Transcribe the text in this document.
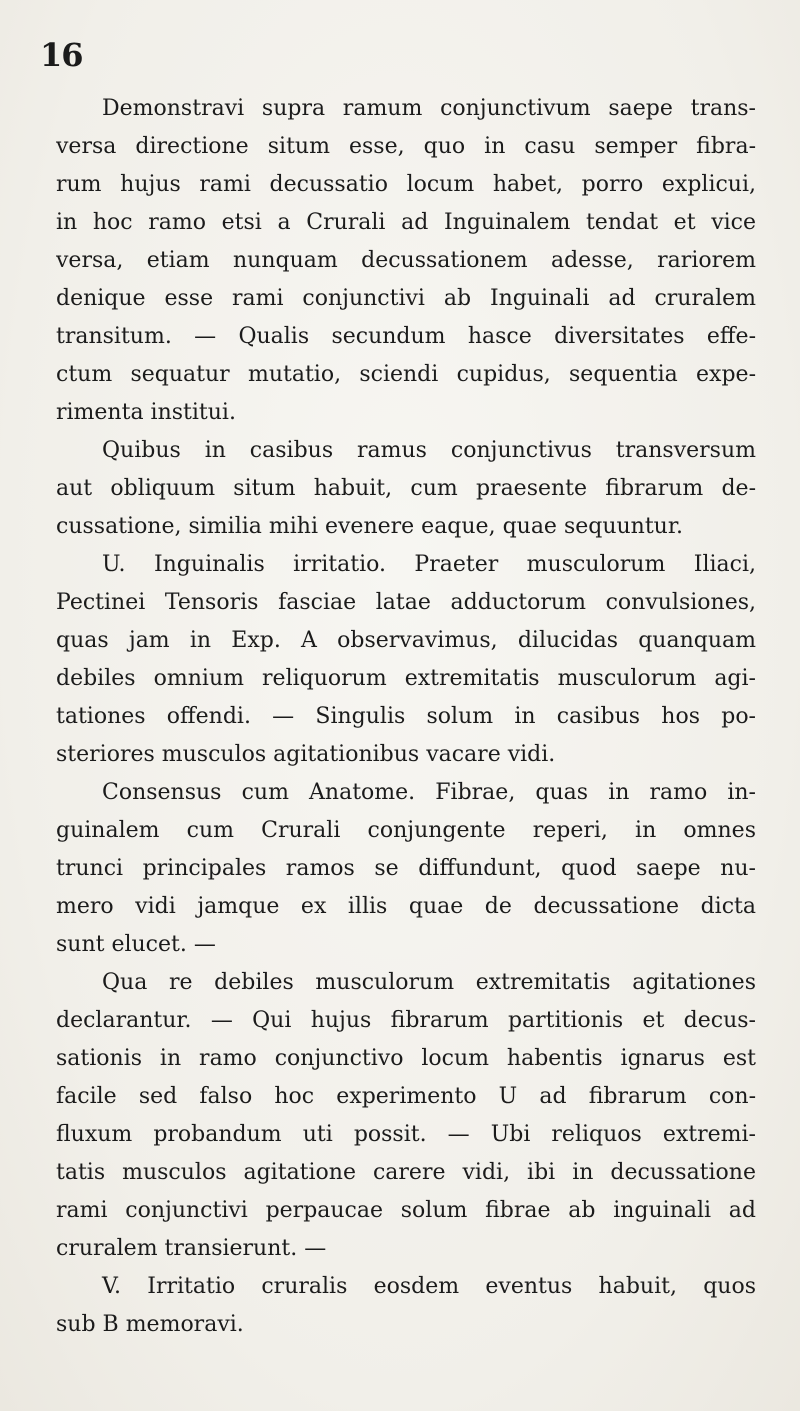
16
Demonstravi supra ramum conjunctivum saepe trans-
versa directione situm esse, quo in casu semper fibra-
rum hujus rami decussatio locum habet, porro explicui,
in hoc ramo etsi a Crurali ad Inguinalem tendat et vice
versa, etiam nunquam decussationem adesse, rariorem
denique esse rami conjunctivi ab Inguinali ad cruralem
transitum. — Qualis secundum hasce diversitates effe-
ctum sequatur mutatio, sciendi cupidus, sequentia expe-
rimenta institui.
Quibus in casibus ramus conjunctivus transversum
aut obliquum situm habuit, cum praesente fibrarum de-
cussatione, similia mihi evenere eaque, quae sequuntur.
U. Inguinalis irritatio. Praeter musculorum Iliaci,
Pectinei Tensoris fasciae latae adductorum convulsiones,
quas jam in Exp. A observavimus, dilucidas quanquam
debiles omnium reliquorum extremitatis musculorum agi-
tationes offendi. — Singulis solum in casibus hos po-
steriores musculos agitationibus vacare vidi.
Consensus cum Anatome. Fibrae, quas in ramo in-
guinalem cum Crurali conjungente reperi, in omnes
trunci principales ramos se diffundunt, quod saepe nu-
mero vidi jamque ex illis quae de decussatione dicta
sunt elucet. —
Qua re debiles musculorum extremitatis agitationes
declarantur. — Qui hujus fibrarum partitionis et decus-
sationis in ramo conjunctivo locum habentis ignarus est
facile sed falso hoc experimento U ad fibrarum con-
fluxum probandum uti possit. — Ubi reliquos extremi-
tatis musculos agitatione carere vidi, ibi in decussatione
rami conjunctivi perpaucae solum fibrae ab inguinali ad
cruralem transierunt. —
V. Irritatio cruralis eosdem eventus habuit, quos
sub B memoravi.
